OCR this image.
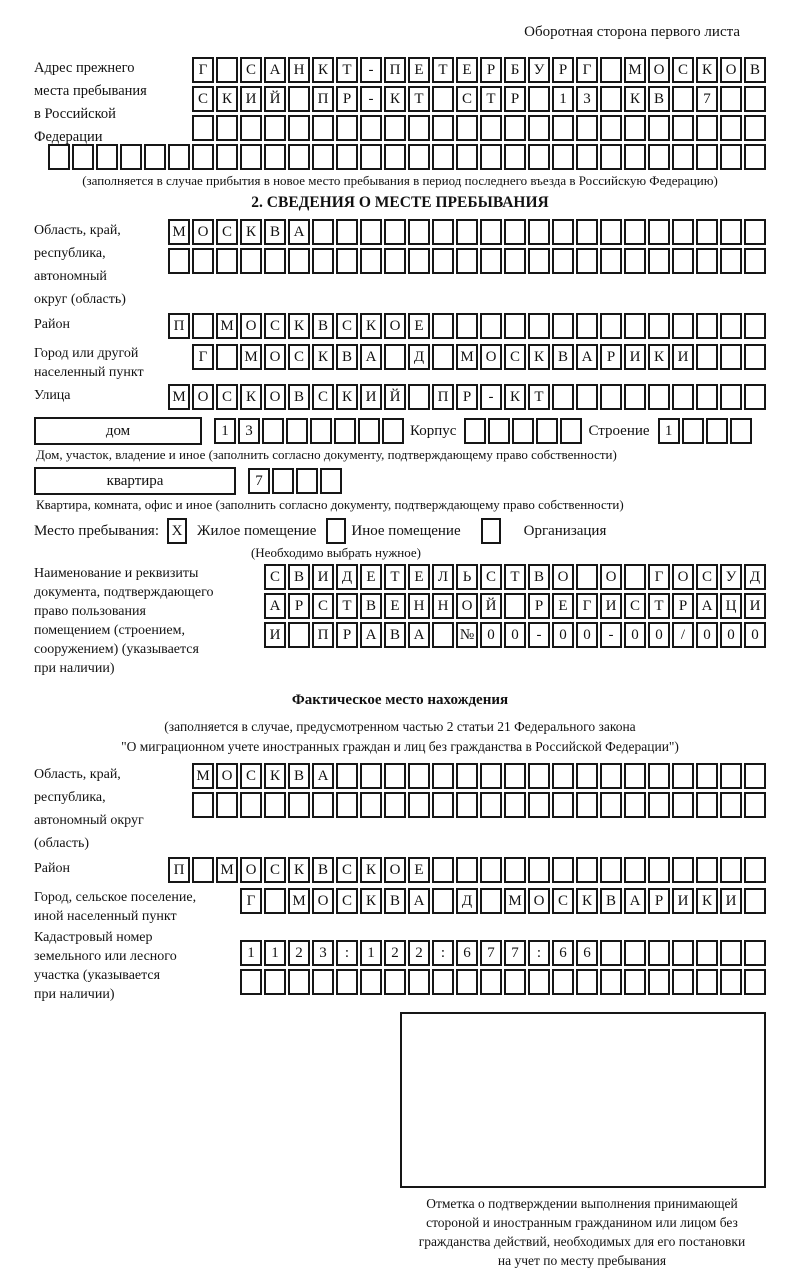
Оборотная сторона первого листа
Адрес прежнего
места пребывания
в Российской
Федерации
Г	С А Н К Т	-	П Е Т Е	Р	Б У Р	Г	М О С К О В
С К И Й	П Р	-	К Т	С Т	Р	1	3	К В	7
(заполняется в случае прибытия в новое место пребывания в период последнего въезда в Российскую Федерацию)
2. СВЕДЕНИЯ О МЕСТЕ ПРЕБЫВАНИЯ
Область, край,
республика,
автономный
округ (область)
М О С К В А
Район	П	М О С К В С К О Е
Город или другой
населенный пункт
Г	М О С К В А	Д	М О С К В А Р И К И
Улица	М О С К О В С К И Й	П Р	-	К Т
дом	1	3	Корпус	Строение	1
Дом, участок, владение и иное (заполнить согласно документу, подтверждающему право собственности)
квартира	7
Квартира, комната, офис и иное (заполнить согласно документу, подтверждающему право собственности)
Место пребывания: X Жилое помещение Иное помещение	Организация
(Необходимо выбрать нужное)
Наименование и реквизиты
документа, подтверждающего
право пользования
помещением (строением,
сооружением) (указывается
при наличии)
С В И Д Е Т Е Л Ь С Т В О	О	Г О С У Д
А Р С Т В Е Н Н О Й	Р	Е	Г И С Т	Р А Ц И
И	П Р А В А	№ 0	0	-	0	0	-	0	0	/	0	0	0
Фактическое место нахождения
(заполняется в случае, предусмотренном частью 2 статьи 21 Федерального закона
"О миграционном учете иностранных граждан и лиц без гражданства в Российской Федерации")
Область, край,
республика,
автономный округ
(область)
М О С К В А
Район	П	М О С К В С К О Е
Город, сельское поселение,
иной населенный пункт
Г	М О С К В А	Д	М О С К В А Р И К И
Кадастровый номер
земельного или лесного
участка (указывается
при наличии)
1	1	2	3	:	1	2	2	:	6	7	7	:	6	6
Отметка о подтверждении выполнения принимающей
стороной и иностранным гражданином или лицом без
гражданства действий, необходимых для его постановки
на учет по месту пребывания
